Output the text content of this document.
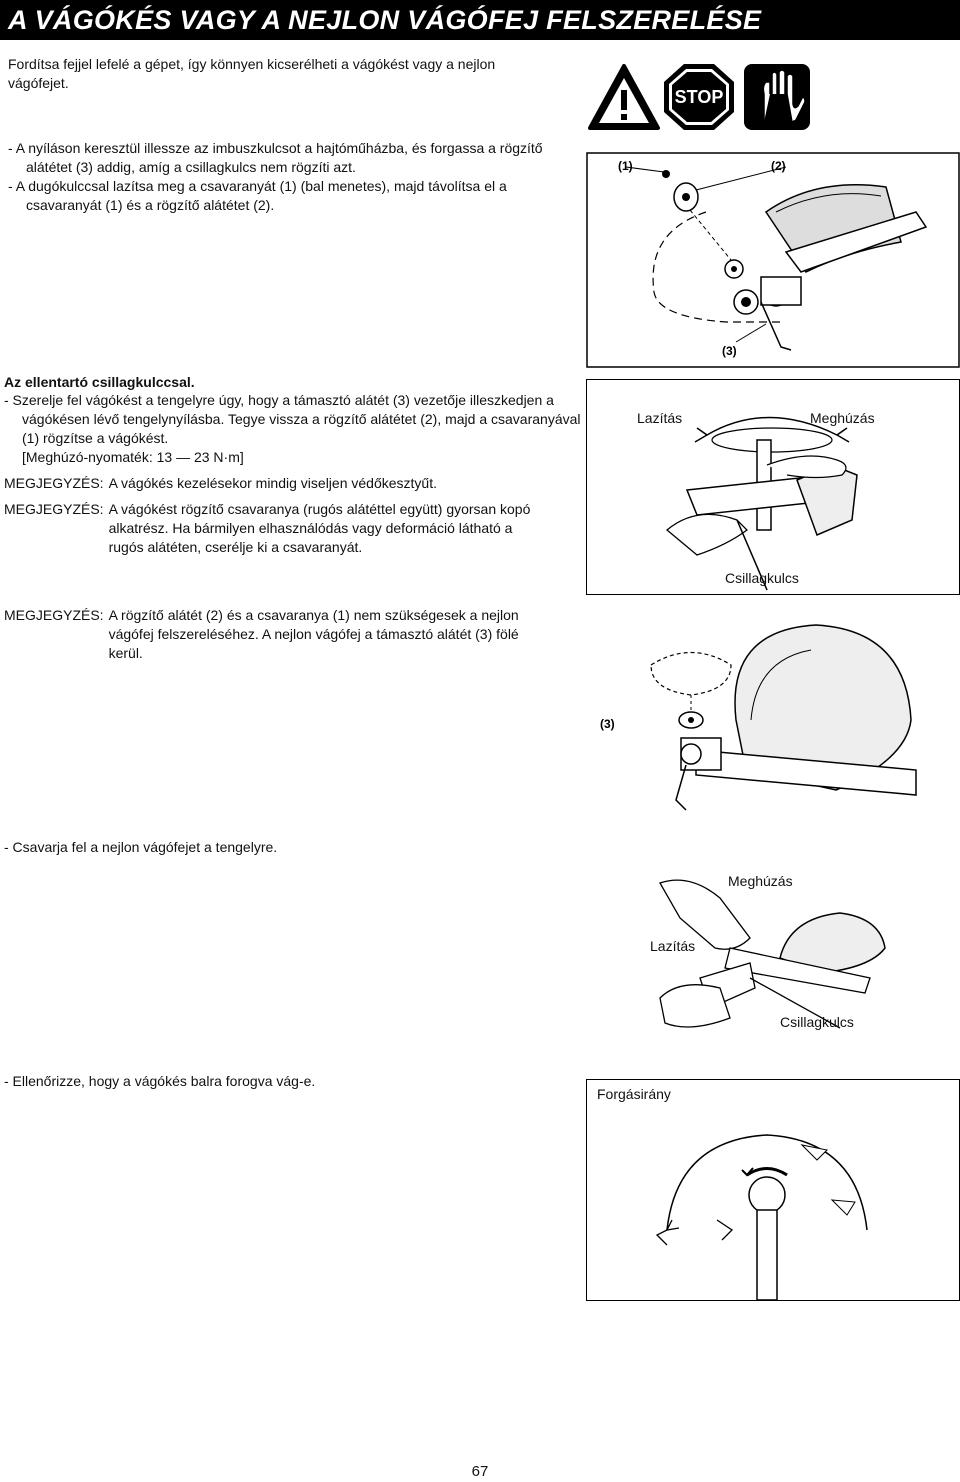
A VÁGÓKÉS VAGY A NEJLON VÁGÓFEJ FELSZERELÉSE

Fordítsa fejjel lefelé a gépet, így könnyen kicserélheti a vágókést vagy a nejlon vágófejet.

- A nyíláson keresztül illessze az imbuszkulcsot a hajtóműházba, és forgassa a rögzítő alátétet (3) addig, amíg a csillagkulcs nem rögzíti azt.

- A dugókulccsal lazítsa meg a csavaranyát (1) (bal menetes), majd távolítsa el a csavaranyát (1) és a rögzítő alátétet (2).

STOP
(1)	(2)
(3)

Az ellentartó csillagkulccsal.

- Szerelje fel vágókést a tengelyre úgy, hogy a támasztó alátét (3) vezetője illeszkedjen a vágókésen lévő tengelynyílásba. Tegye vissza a rögzítő alátétet (2), majd a csavaranyával (1) rögzítse a vágókést.

[Meghúzó-nyomaték: 13 — 23 N·m]

MEGJEGYZÉS: A vágókés kezelésekor mindig viseljen védőkesztyűt.
MEGJEGYZÉS: A vágókést rögzítő csavaranya (rugós alátéttel együtt) gyorsan kopó alkatrész. Ha bármilyen elhasználódás vagy deformáció látható a rugós alátéten, cserélje ki a csavaranyát.
Lazítás	Meghúzás
Csillagkulcs
MEGJEGYZÉS: A rögzítő alátét (2) és a csavaranya (1) nem szükségesek a nejlon vágófej felszereléséhez. A nejlon vágófej a támasztó alátét (3) fölé kerül.
(3)

- Csavarja fel a nejlon vágófejet a tengelyre.

Meghúzás
Lazítás
Csillagkulcs

- Ellenőrizze, hogy a vágókés balra forogva vág-e.

Forgásirány
67
